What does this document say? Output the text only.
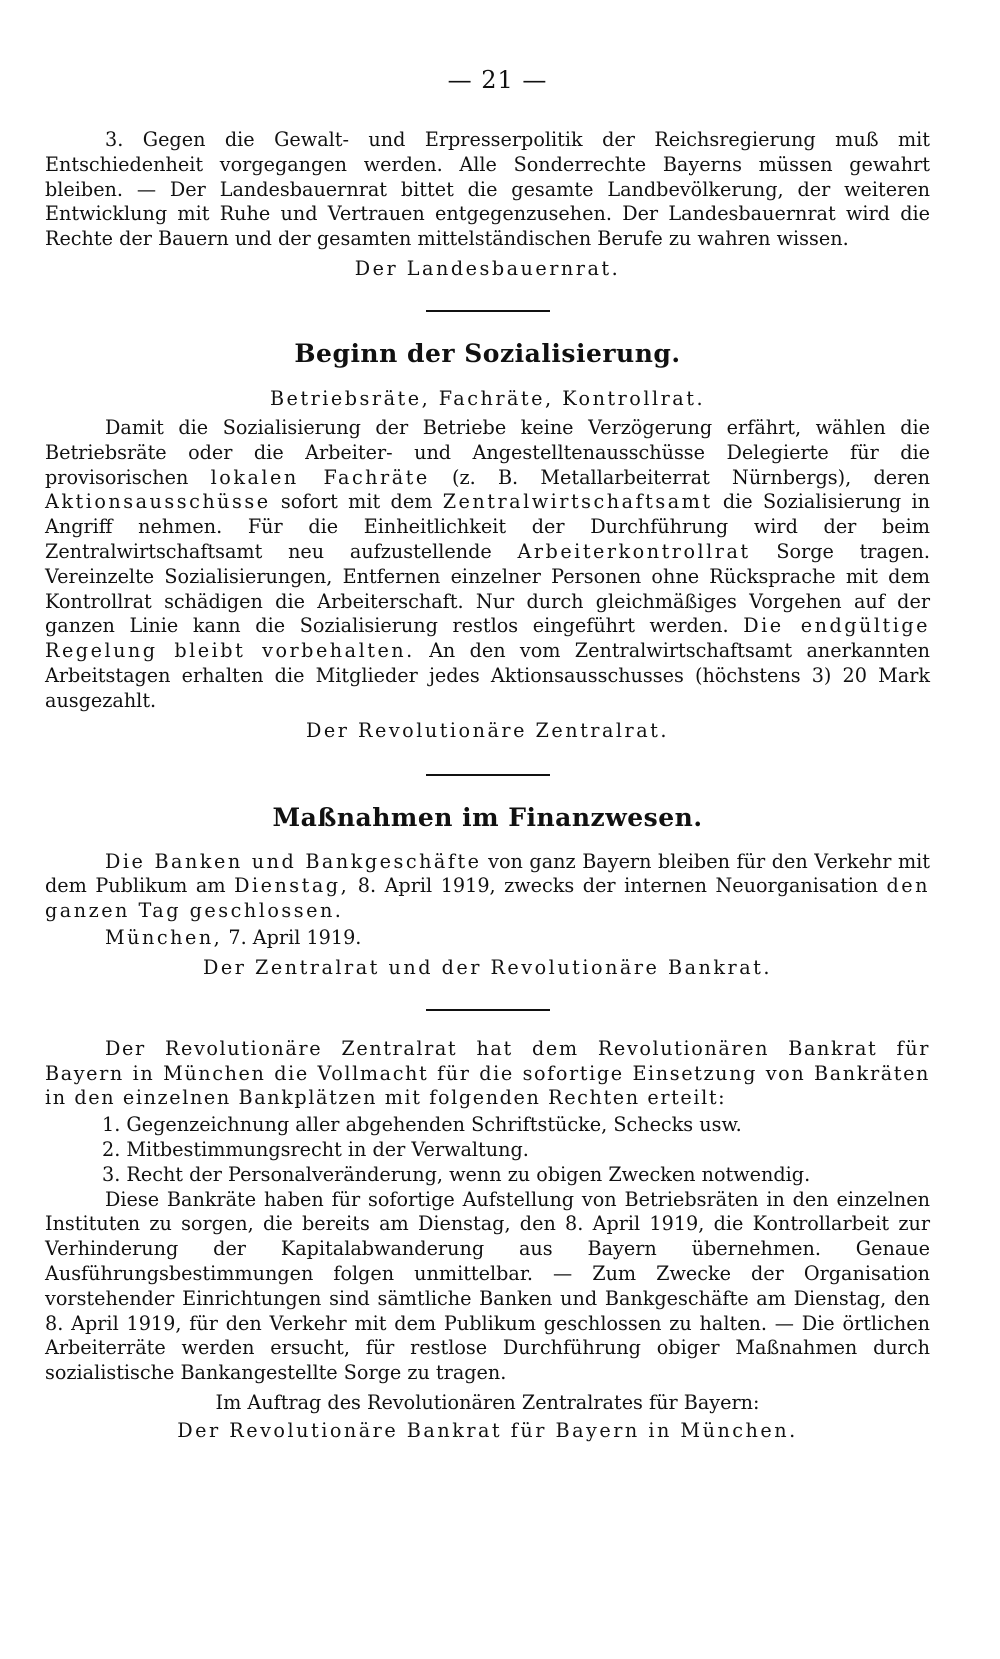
— 21 —

3. Gegen die Gewalt- und Erpresserpolitik der Reichsregierung muß mit Entschiedenheit vorgegangen werden. Alle Sonderrechte Bayerns müssen gewahrt bleiben. — Der Landesbauernrat bittet die gesamte Landbevölkerung, der weiteren Entwicklung mit Ruhe und Vertrauen entgegenzusehen. Der Landesbauernrat wird die Rechte der Bauern und der gesamten mittelständischen Berufe zu wahren wissen.

Der Landesbauernrat.
Beginn der Sozialisierung.
Betriebsräte, Fachräte, Kontrollrat.

Damit die Sozialisierung der Betriebe keine Verzögerung erfährt, wählen die Betriebsräte oder die Arbeiter- und Angestelltenausschüsse Delegierte für die provisorischen lokalen Fachräte (z. B. Metallarbeiterrat Nürnbergs), deren Aktionsausschüsse sofort mit dem Zentralwirtschaftsamt die Sozialisierung in Angriff nehmen. Für die Einheitlichkeit der Durchführung wird der beim Zentralwirtschaftsamt neu aufzustellende Arbeiterkontrollrat Sorge tragen. Vereinzelte Sozialisierungen, Entfernen einzelner Personen ohne Rücksprache mit dem Kontrollrat schädigen die Arbeiterschaft. Nur durch gleichmäßiges Vorgehen auf der ganzen Linie kann die Sozialisierung restlos eingeführt werden. Die endgültige Regelung bleibt vorbehalten. An den vom Zentralwirtschaftsamt anerkannten Arbeitstagen erhalten die Mitglieder jedes Aktionsausschusses (höchstens 3) 20 Mark ausgezahlt.

Der Revolutionäre Zentralrat.
Maßnahmen im Finanzwesen.

Die Banken und Bankgeschäfte von ganz Bayern bleiben für den Verkehr mit dem Publikum am Dienstag, 8. April 1919, zwecks der internen Neuorganisation den ganzen Tag geschlossen.

München, 7. April 1919.

Der Zentralrat und der Revolutionäre Bankrat.

Der Revolutionäre Zentralrat hat dem Revolutionären Bankrat für Bayern in München die Vollmacht für die sofortige Einsetzung von Bankräten in den einzelnen Bankplätzen mit folgenden Rechten erteilt:

1. Gegenzeichnung aller abgehenden Schriftstücke, Schecks usw.

2. Mitbestimmungsrecht in der Verwaltung.

3. Recht der Personalveränderung, wenn zu obigen Zwecken notwendig.

Diese Bankräte haben für sofortige Aufstellung von Betriebsräten in den einzelnen Instituten zu sorgen, die bereits am Dienstag, den 8. April 1919, die Kontrollarbeit zur Verhinderung der Kapitalabwanderung aus Bayern übernehmen. Genaue Ausführungsbestimmungen folgen unmittelbar. — Zum Zwecke der Organisation vorstehender Einrichtungen sind sämtliche Banken und Bankgeschäfte am Dienstag, den 8. April 1919, für den Verkehr mit dem Publikum geschlossen zu halten. — Die örtlichen Arbeiterräte werden ersucht, für restlose Durchführung obiger Maßnahmen durch sozialistische Bankangestellte Sorge zu tragen.

Im Auftrag des Revolutionären Zentralrates für Bayern:
Der Revolutionäre Bankrat für Bayern in München.
